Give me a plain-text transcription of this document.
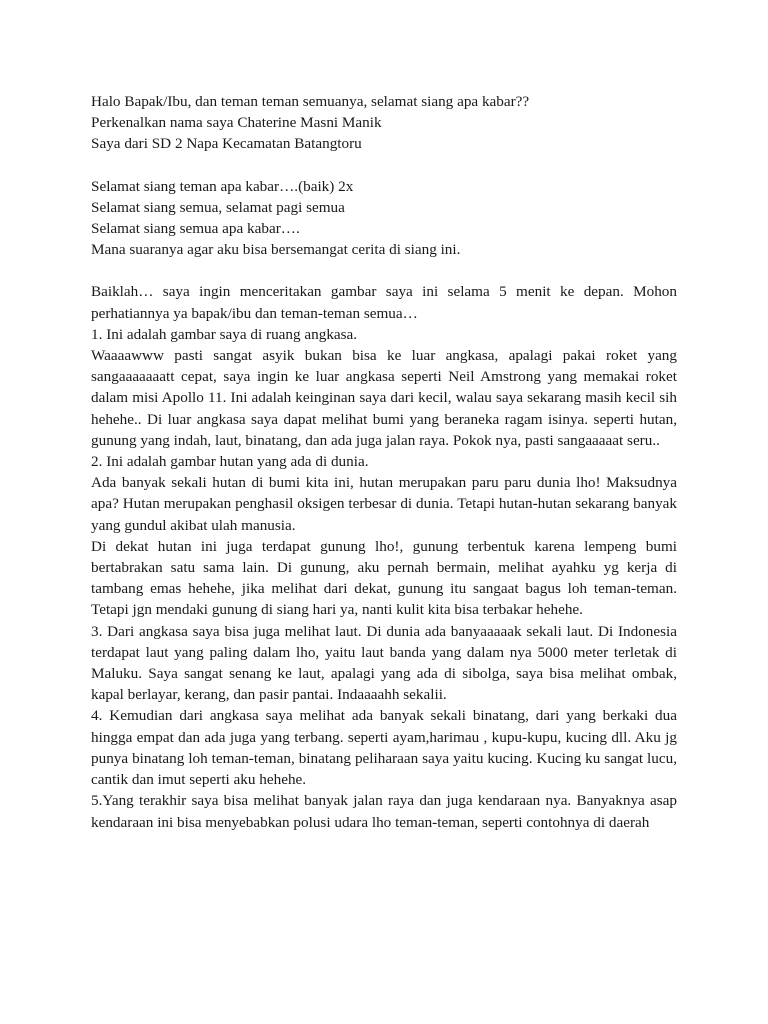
Halo Bapak/Ibu, dan teman teman semuanya, selamat siang apa kabar??
Perkenalkan nama saya Chaterine Masni Manik
Saya dari SD 2 Napa Kecamatan Batangtoru
Selamat siang teman apa kabar….(baik) 2x
Selamat siang semua, selamat pagi semua
Selamat siang semua apa kabar….
Mana suaranya agar aku bisa bersemangat cerita di siang ini.

Baiklah… saya ingin menceritakan gambar saya ini selama 5 menit ke depan. Mohon perhatiannya ya bapak/ibu dan teman-teman semua…

1. Ini adalah gambar saya di ruang angkasa.

Waaaawww pasti sangat asyik bukan bisa ke luar angkasa, apalagi pakai roket yang sangaaaaaaatt cepat, saya ingin ke luar angkasa seperti Neil Amstrong yang memakai roket dalam misi Apollo 11. Ini adalah keinginan saya dari kecil, walau saya sekarang masih kecil sih hehehe.. Di luar angkasa saya dapat melihat bumi yang beraneka ragam isinya. seperti hutan, gunung yang indah, laut, binatang, dan ada juga jalan raya. Pokok nya, pasti sangaaaaat seru..

2. Ini adalah gambar hutan yang ada di dunia.

Ada banyak sekali hutan di bumi kita ini, hutan merupakan paru paru dunia lho! Maksudnya apa? Hutan merupakan penghasil oksigen terbesar di dunia. Tetapi hutan-hutan sekarang banyak yang gundul akibat ulah manusia.

Di dekat hutan ini juga terdapat gunung lho!, gunung terbentuk karena lempeng bumi bertabrakan satu sama lain. Di gunung, aku pernah bermain, melihat ayahku yg kerja di tambang emas hehehe, jika melihat dari dekat, gunung itu sangaat bagus loh teman-teman. Tetapi jgn mendaki gunung di siang hari ya, nanti kulit kita bisa terbakar hehehe.

3. Dari angkasa saya bisa juga melihat laut. Di dunia ada banyaaaaak sekali laut. Di Indonesia terdapat laut yang paling dalam lho, yaitu laut banda yang dalam nya 5000 meter terletak di Maluku. Saya sangat senang ke laut, apalagi yang ada di sibolga, saya bisa melihat ombak, kapal berlayar, kerang, dan pasir pantai. Indaaaahh sekalii.

4. Kemudian dari angkasa saya melihat ada banyak sekali binatang, dari yang berkaki dua hingga empat dan ada juga yang terbang. seperti ayam,harimau , kupu-kupu, kucing dll. Aku jg punya binatang loh teman-teman, binatang peliharaan saya yaitu kucing. Kucing ku sangat lucu, cantik dan imut seperti aku hehehe.

5.Yang terakhir saya bisa melihat banyak jalan raya dan juga kendaraan nya. Banyaknya asap kendaraan ini bisa menyebabkan polusi udara lho teman-teman, seperti contohnya di daerah
